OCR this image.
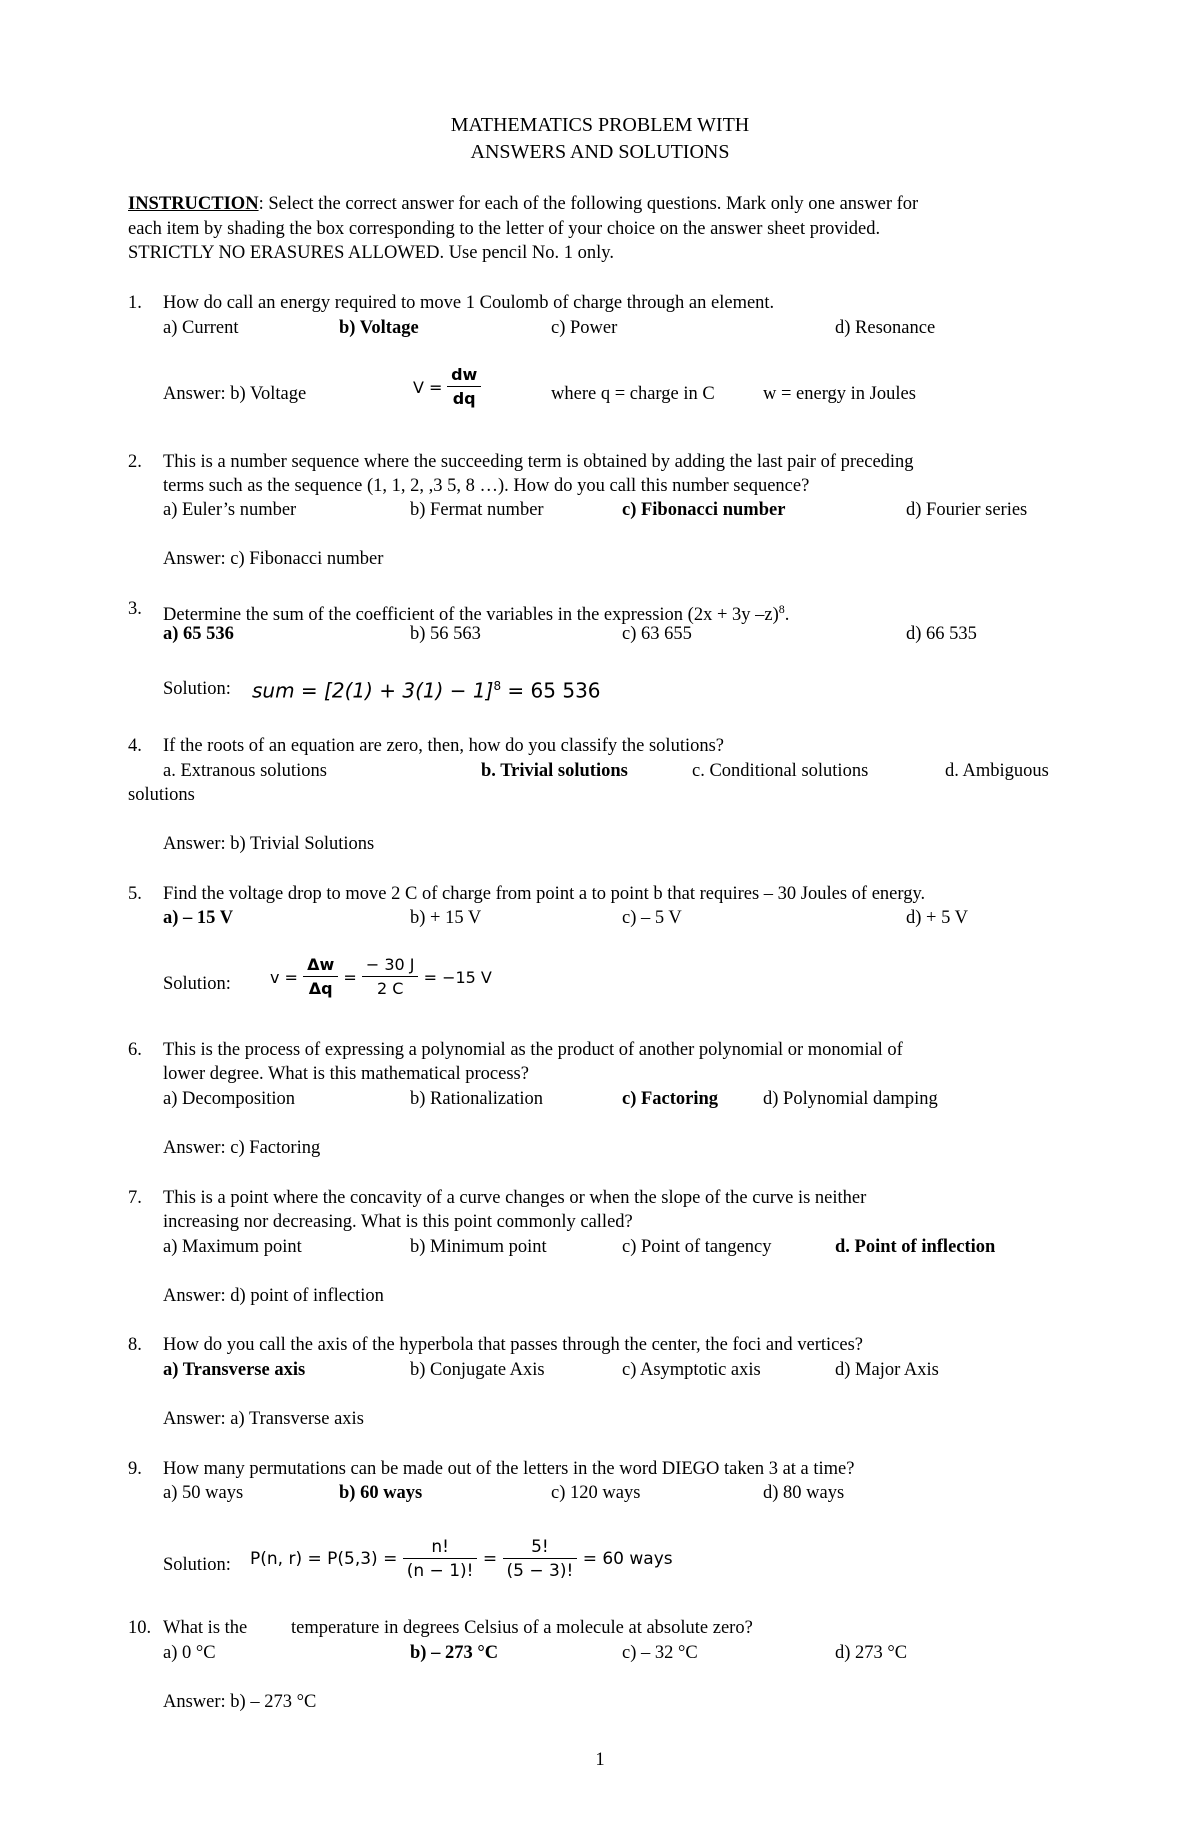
MATHEMATICS PROBLEM WITH
ANSWERS AND SOLUTIONS
INSTRUCTION: Select the correct answer for each of the following questions. Mark only one answer for
each item by shading the box corresponding to the letter of your choice on the answer sheet provided.
STRICTLY NO ERASURES ALLOWED. Use pencil No. 1 only.
1. How do call an energy required to move 1 Coulomb of charge through an element.
a) Current	b) Voltage	c) Power	d) Resonance
Answer: b) Voltage	$V = \frac{dw}{dq}$	where q = charge in C	w = energy in Joules
2. This is a number sequence where the succeeding term is obtained by adding the last pair of preceding
terms such as the sequence (1, 1, 2, ,3 5, 8 …). How do you call this number sequence?
a) Euler’s number	b) Fermat number	c) Fibonacci number	d) Fourier series
Answer: c) Fibonacci number
3. Determine the sum of the coefficient of the variables in the expression (2x + 3y –z)$^8$.
a) 65 536	b) 56 563	c) 63 655	d) 66 535
Solution: sum = $[2(1) + 3(1) - 1]^8 = 65$ 536
4. If the roots of an equation are zero, then, how do you classify the solutions?
a. Extranous solutions	b. Trivial solutions	c. Conditional solutions	d. Ambiguous
solutions
Answer: b) Trivial Solutions
5. Find the voltage drop to move 2 C of charge from point a to point b that requires – 30 Joules of energy.
a) – 15 V	b) + 15 V	c) – 5 V	d) + 5 V
Solution: $v = \frac{\Delta w}{\Delta q} = \frac{- 30 J}{2 C} = -15$ V
6. This is the process of expressing a polynomial as the product of another polynomial or monomial of
lower degree. What is this mathematical process?
a) Decomposition	b) Rationalization	c) Factoring d) Polynomial damping
Answer: c) Factoring
7. This is a point where the concavity of a curve changes or when the slope of the curve is neither
increasing nor decreasing. What is this point commonly called?
a) Maximum point	b) Minimum point	c) Point of tangency	d. Point of inflection
Answer: d) point of inflection
8. How do you call the axis of the hyperbola that passes through the center, the foci and vertices?
a) Transverse axis	b) Conjugate Axis	c) Asymptotic axis	d) Major Axis
Answer: a) Transverse axis
9. How many permutations can be made out of the letters in the word DIEGO taken 3 at a time?
a) 50 ways	b) 60 ways	c) 120 ways	d) 80 ways
Solution: P(n, $r) = P(5,3) = \frac{n!}{(n - 1)!} = \frac{5!}{(5 - 3)!} = 60$ ways
10. What is the temperature in degrees Celsius of a molecule at absolute zero?
a) 0 °C	b) – 273 °C	c) – 32 °C	d) 273 °C
Answer: b) – 273 °C
1
